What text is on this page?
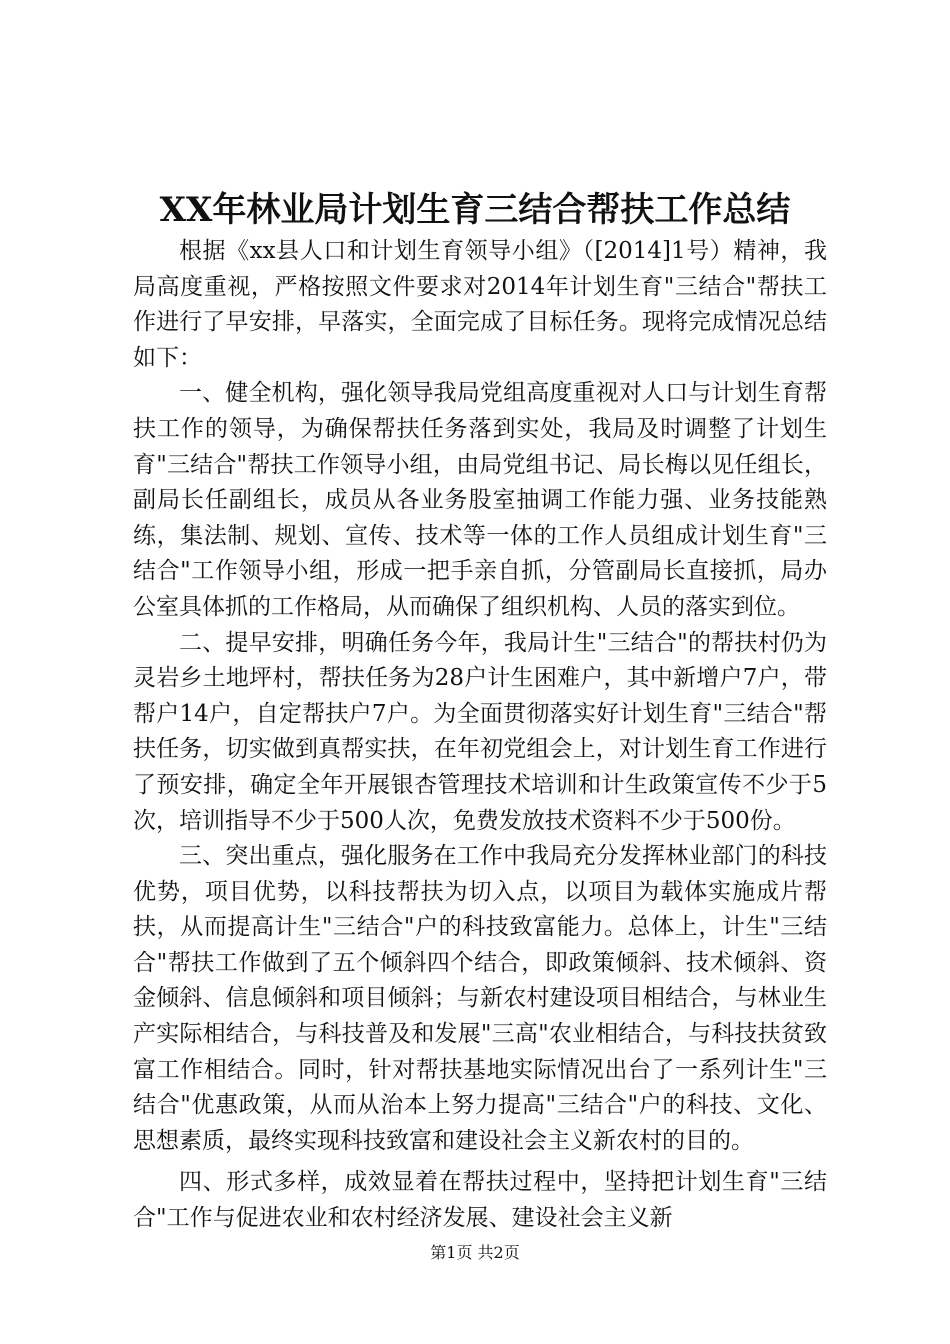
XX年林业局计划生育三结合帮扶工作总结

根据《xx县人口和计划生育领导小组》（[2014]1号）精神，我局高度重视，严格按照文件要求对2014年计划生育"三结合"帮扶工作进行了早安排，早落实，全面完成了目标任务。现将完成情况总结如下：

一、健全机构，强化领导我局党组高度重视对人口与计划生育帮扶工作的领导，为确保帮扶任务落到实处，我局及时调整了计划生育"三结合"帮扶工作领导小组，由局党组书记、局长梅以见任组长，副局长任副组长，成员从各业务股室抽调工作能力强、业务技能熟练，集法制、规划、宣传、技术等一体的工作人员组成计划生育"三结合"工作领导小组，形成一把手亲自抓，分管副局长直接抓，局办公室具体抓的工作格局，从而确保了组织机构、人员的落实到位。

二、提早安排，明确任务今年，我局计生"三结合"的帮扶村仍为灵岩乡土地坪村，帮扶任务为28户计生困难户，其中新增户7户，带帮户14户，自定帮扶户7户。为全面贯彻落实好计划生育"三结合"帮扶任务，切实做到真帮实扶，在年初党组会上，对计划生育工作进行了预安排，确定全年开展银杏管理技术培训和计生政策宣传不少于5次，培训指导不少于500人次，免费发放技术资料不少于500份。

三、突出重点，强化服务在工作中我局充分发挥林业部门的科技优势，项目优势，以科技帮扶为切入点，以项目为载体实施成片帮扶，从而提高计生"三结合"户的科技致富能力。总体上，计生"三结合"帮扶工作做到了五个倾斜四个结合，即政策倾斜、技术倾斜、资金倾斜、信息倾斜和项目倾斜；与新农村建设项目相结合，与林业生产实际相结合，与科技普及和发展"三高"农业相结合，与科技扶贫致富工作相结合。同时，针对帮扶基地实际情况出台了一系列计生"三结合"优惠政策，从而从治本上努力提高"三结合"户的科技、文化、思想素质，最终实现科技致富和建设社会主义新农村的目的。

四、形式多样，成效显着在帮扶过程中，坚持把计划生育"三结合"工作与促进农业和农村经济发展、建设社会主义新

第1页 共2页
